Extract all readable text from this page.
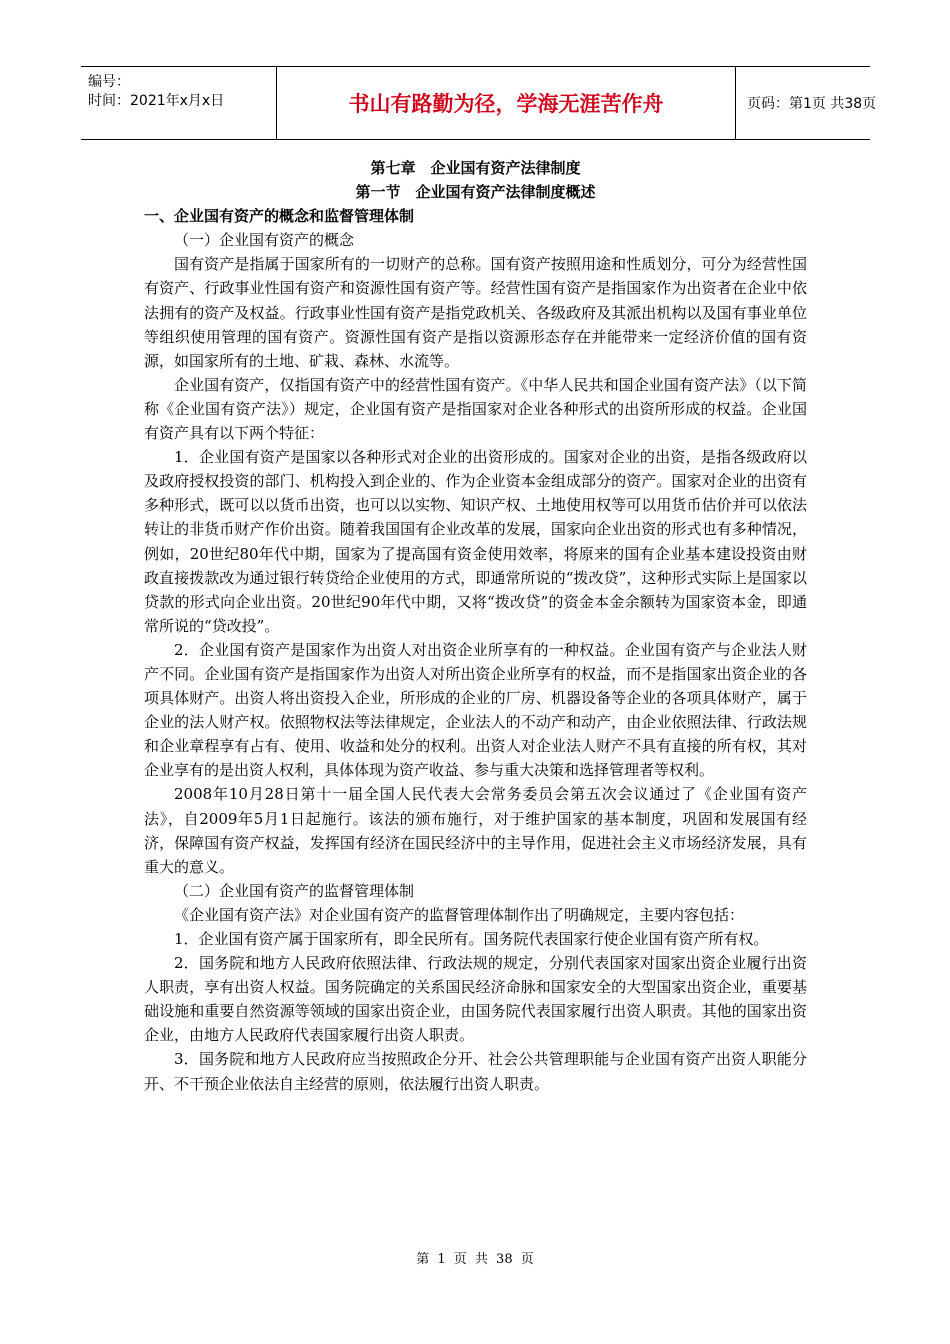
编号：
时间：2021年x月x日	书山有路勤为径，学海无涯苦作舟	页码：第1页 共38页
第七章　企业国有资产法律制度
第一节　企业国有资产法律制度概述
一、企业国有资产的概念和监督管理体制
（一）企业国有资产的概念

国有资产是指属于国家所有的一切财产的总称。国有资产按照用途和性质划分，可分为经营性国有资产、行政事业性国有资产和资源性国有资产等。经营性国有资产是指国家作为出资者在企业中依法拥有的资产及权益。行政事业性国有资产是指党政机关、各级政府及其派出机构以及国有事业单位等组织使用管理的国有资产。资源性国有资产是指以资源形态存在并能带来一定经济价值的国有资源，如国家所有的土地、矿栽、森林、水流等。

企业国有资产，仅指国有资产中的经营性国有资产。《中华人民共和国企业国有资产法》（以下简称《企业国有资产法》）规定，企业国有资产是指国家对企业各种形式的出资所形成的权益。企业国有资产具有以下两个特征：

1．企业国有资产是国家以各种形式对企业的出资形成的。国家对企业的出资，是指各级政府以及政府授权投资的部门、机构投入到企业的、作为企业资本金组成部分的资产。国家对企业的出资有多种形式，既可以以货币出资，也可以以实物、知识产权、土地使用权等可以用货币估价并可以依法转让的非货币财产作价出资。随着我国国有企业改革的发展，国家向企业出资的形式也有多种情况，例如，20世纪80年代中期，国家为了提高国有资金使用效率，将原来的国有企业基本建设投资由财政直接拨款改为通过银行转贷给企业使用的方式，即通常所说的“拨改贷”，这种形式实际上是国家以贷款的形式向企业出资。20世纪90年代中期，又将“拨改贷”的资金本金余额转为国家资本金，即通常所说的“贷改投”。

2．企业国有资产是国家作为出资人对出资企业所享有的一种权益。企业国有资产与企业法人财产不同。企业国有资产是指国家作为出资人对所出资企业所享有的权益，而不是指国家出资企业的各项具体财产。出资人将出资投入企业，所形成的企业的厂房、机器设备等企业的各项具体财产，属于企业的法人财产权。依照物权法等法律规定，企业法人的不动产和动产，由企业依照法律、行政法规和企业章程享有占有、使用、收益和处分的权利。出资人对企业法人财产不具有直接的所有权，其对企业享有的是出资人权利，具体体现为资产收益、参与重大决策和选择管理者等权利。

2008年10月28日第十一届全国人民代表大会常务委员会第五次会议通过了《企业国有资产法》，自2009年5月1日起施行。该法的颁布施行，对于维护国家的基本制度，巩固和发展国有经济，保障国有资产权益，发挥国有经济在国民经济中的主导作用，促进社会主义市场经济发展，具有重大的意义。

（二）企业国有资产的监督管理体制

《企业国有资产法》对企业国有资产的监督管理体制作出了明确规定，主要内容包括：

1．企业国有资产属于国家所有，即全民所有。国务院代表国家行使企业国有资产所有权。

2．国务院和地方人民政府依照法律、行政法规的规定，分别代表国家对国家出资企业履行出资人职责，享有出资人权益。国务院确定的关系国民经济命脉和国家安全的大型国家出资企业，重要基础设施和重要自然资源等领域的国家出资企业，由国务院代表国家履行出资人职责。其他的国家出资企业，由地方人民政府代表国家履行出资人职责。

3．国务院和地方人民政府应当按照政企分开、社会公共管理职能与企业国有资产出资人职能分开、不干预企业依法自主经营的原则，依法履行出资人职责。

第 1 页 共 38 页
